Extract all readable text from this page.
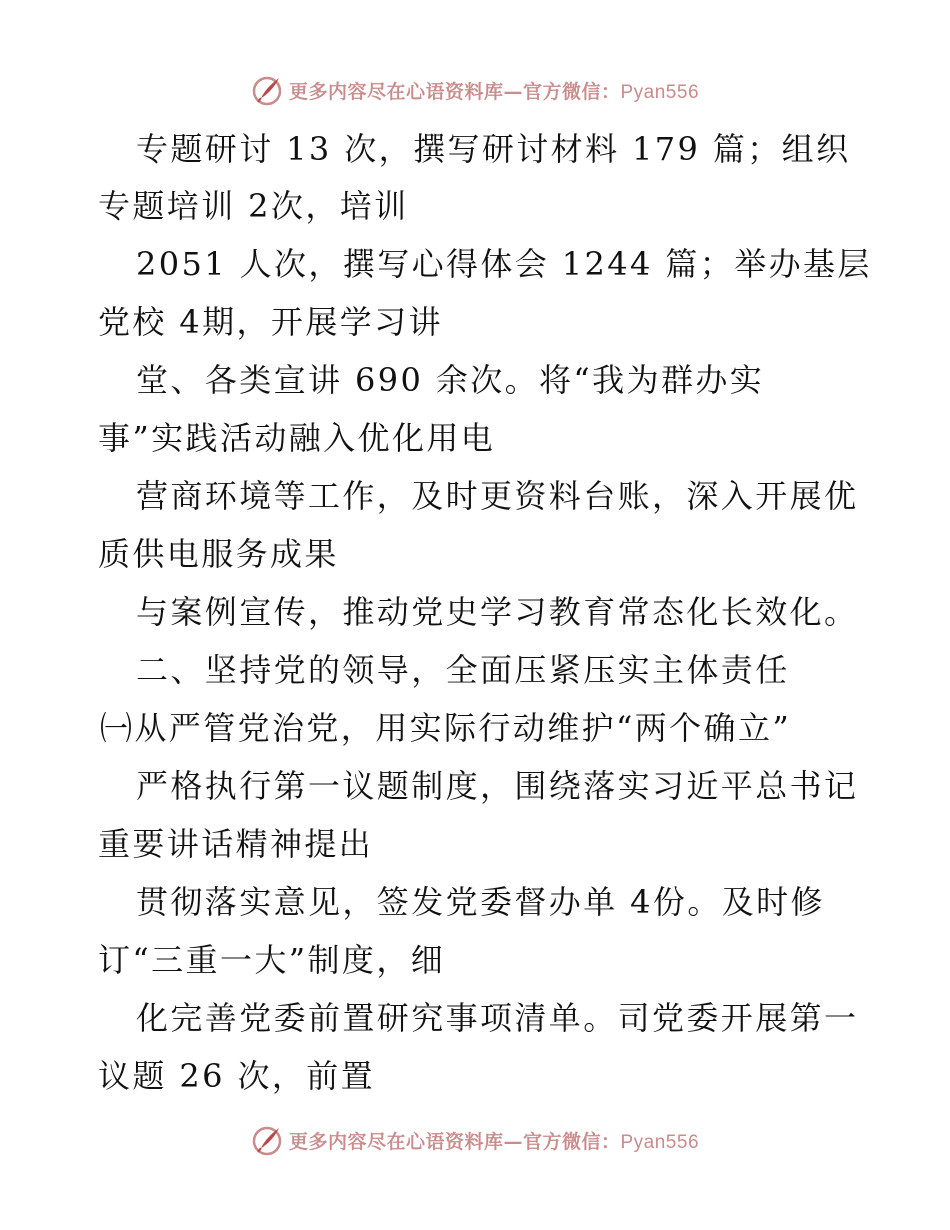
更多内容尽在心语资料库—官方微信：Pyan556
专题研讨 13 次，撰写研讨材料 179 篇；组织
专题培训 2次，培训
2051 人次，撰写心得体会 1244 篇；举办基层
党校 4期，开展学习讲
堂、各类宣讲 690 余次。将“我为群办实
事”实践活动融入优化用电
营商环境等工作，及时更资料台账，深入开展优
质供电服务成果
与案例宣传，推动党史学习教育常态化长效化。
二、坚持党的领导，全面压紧压实主体责任
㈠从严管党治党，用实际行动维护“两个确立”
严格执行第一议题制度，围绕落实习近平总书记
重要讲话精神提出
贯彻落实意见，签发党委督办单 4份。及时修
订“三重一大”制度，细
化完善党委前置研究事项清单。司党委开展第一
议题 26 次，前置
更多内容尽在心语资料库—官方微信：Pyan556
